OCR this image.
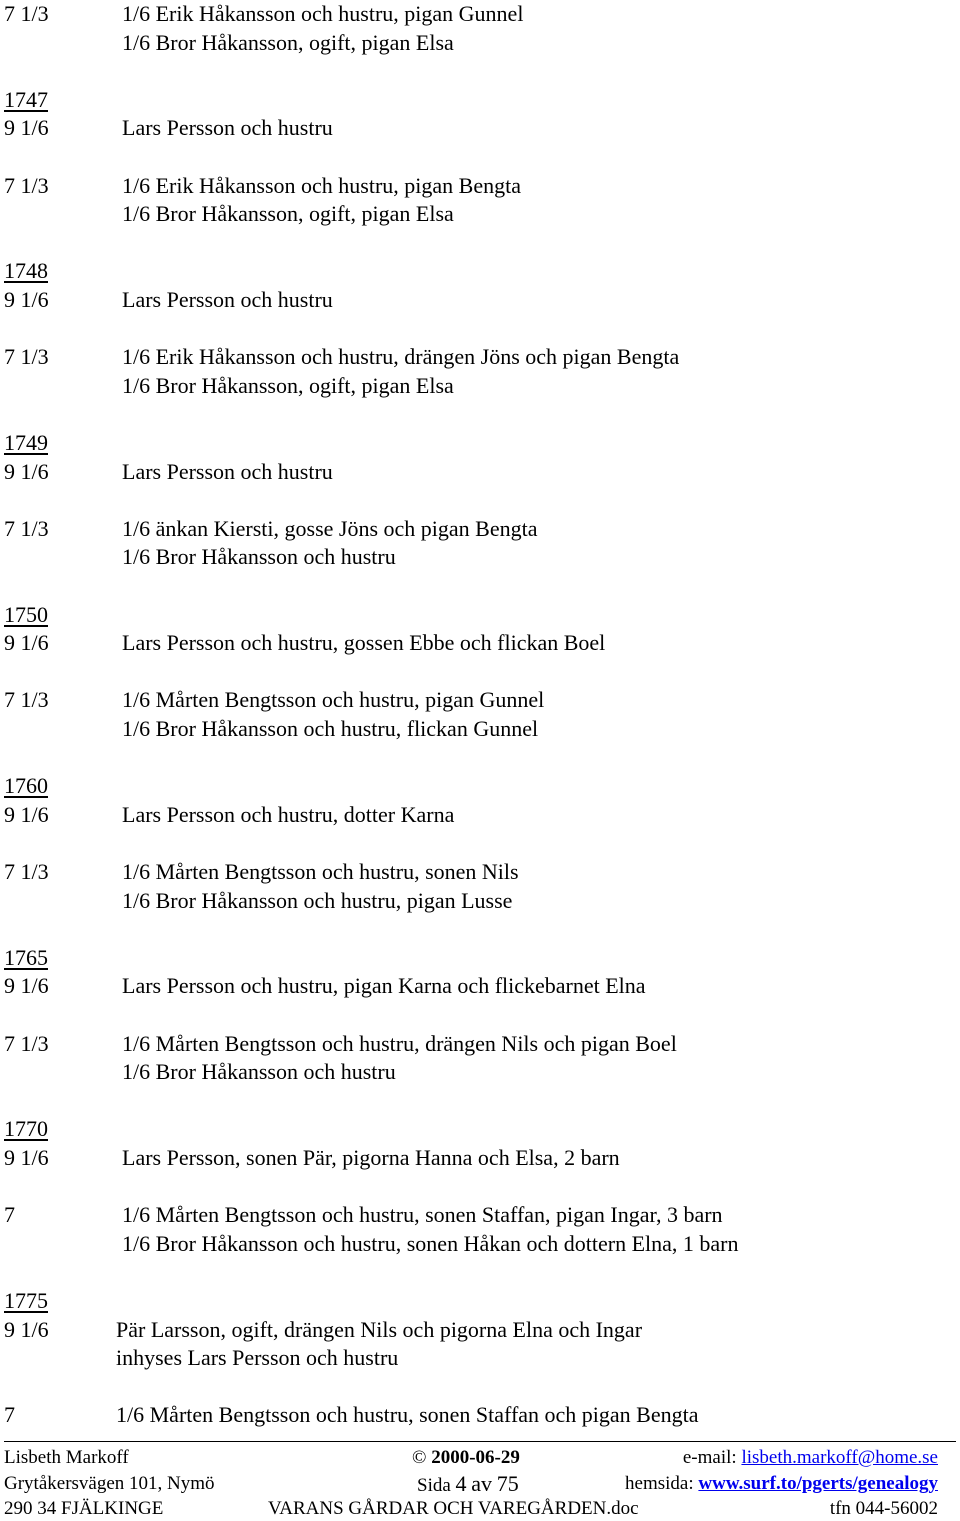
7 1/3	1/6 Erik Håkansson och hustru, pigan Gunnel
1/6 Bror Håkansson, ogift, pigan Elsa
1747
9 1/6	Lars Persson och hustru
7 1/3	1/6 Erik Håkansson och hustru, pigan Bengta
1/6 Bror Håkansson, ogift, pigan Elsa
1748
9 1/6	Lars Persson och hustru
7 1/3	1/6 Erik Håkansson och hustru, drängen Jöns och pigan Bengta
1/6 Bror Håkansson, ogift, pigan Elsa
1749
9 1/6	Lars Persson och hustru
7 1/3	1/6 änkan Kiersti, gosse Jöns och pigan Bengta
1/6 Bror Håkansson och hustru
1750
9 1/6	Lars Persson och hustru, gossen Ebbe och flickan Boel
7 1/3	1/6 Mårten Bengtsson och hustru, pigan Gunnel
1/6 Bror Håkansson och hustru, flickan Gunnel
1760
9 1/6	Lars Persson och hustru, dotter Karna
7 1/3	1/6 Mårten Bengtsson och hustru, sonen Nils
1/6 Bror Håkansson och hustru, pigan Lusse
1765
9 1/6	Lars Persson och hustru, pigan Karna och flickebarnet Elna
7 1/3	1/6 Mårten Bengtsson och hustru, drängen Nils och pigan Boel
1/6 Bror Håkansson och hustru
1770
9 1/6	Lars Persson, sonen Pär, pigorna Hanna och Elsa, 2 barn
7	1/6 Mårten Bengtsson och hustru, sonen Staffan, pigan Ingar, 3 barn
1/6 Bror Håkansson och hustru, sonen Håkan och dottern Elna, 1 barn
1775
9 1/6	Pär Larsson, ogift, drängen Nils och pigorna Elna och Ingar
inhyses Lars Persson och hustru
7	1/6 Mårten Bengtsson och hustru, sonen Staffan och pigan Bengta
Lisbeth Markoff	© 2000-06-29	e-mail: lisbeth.markoff@home.se
Grytåkersvägen 101, Nymö	Sida 4 av 75	hemsida: www.surf.to/pgerts/genealogy
290 34 FJÄLKINGE	VARANS GÅRDAR OCH VAREGÅRDEN.doc	tfn 044-56002
